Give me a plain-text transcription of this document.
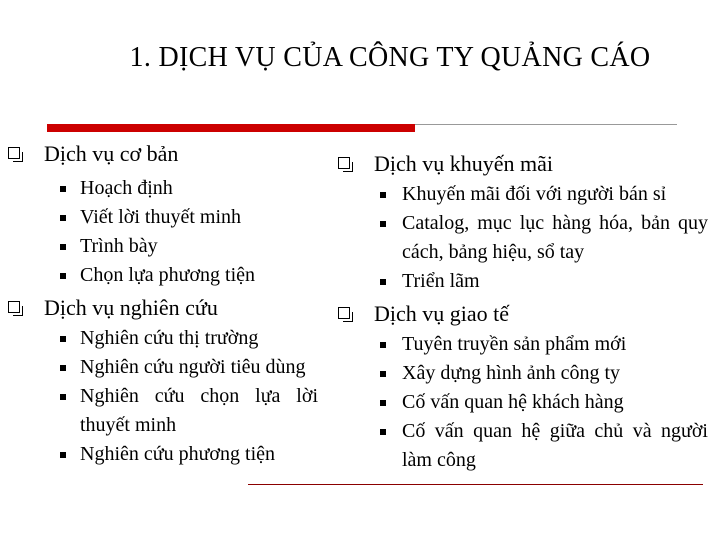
1. DỊCH VỤ CỦA CÔNG TY QUẢNG CÁO
Dịch vụ cơ bản
Hoạch định
Viết lời thuyết minh
Trình bày
Chọn lựa phương tiện
Dịch vụ nghiên cứu
Nghiên cứu thị trường
Nghiên cứu người tiêu dùng
Nghiên cứu chọn lựa lời thuyết minh
Nghiên cứu phương tiện
Dịch vụ khuyến mãi
Khuyến mãi đối với người bán sỉ
Catalog, mục lục hàng hóa, bản quy cách, bảng hiệu, sổ tay
Triển lãm
Dịch vụ giao tế
Tuyên truyền sản phẩm mới
Xây dựng hình ảnh công ty
Cố vấn quan hệ khách hàng
Cố vấn quan hệ giữa chủ và người làm công
